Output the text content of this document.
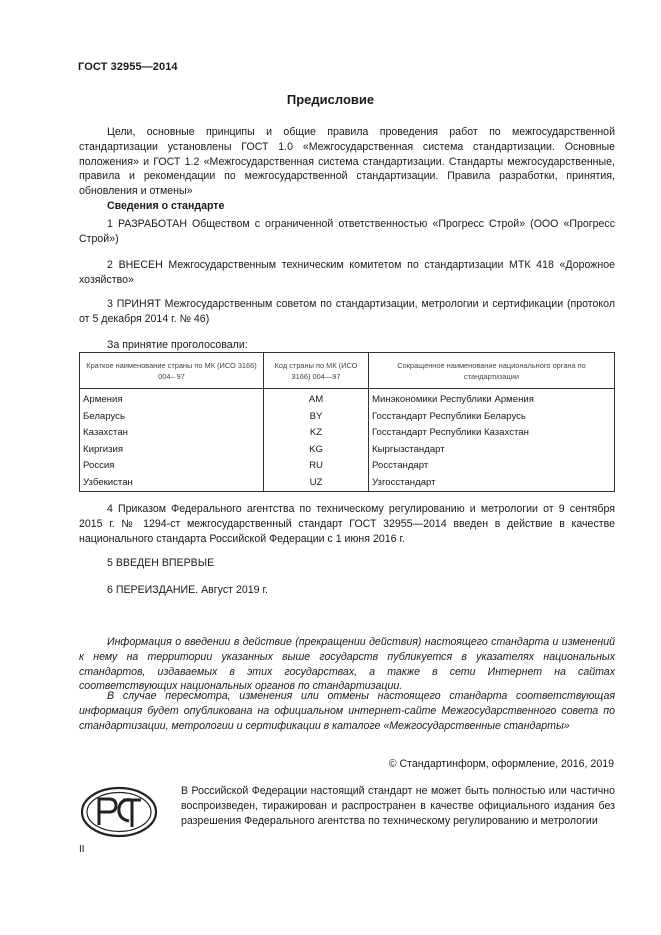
ГОСТ 32955—2014
Предисловие

Цели, основные принципы и общие правила проведения работ по межгосударственной стандартизации установлены ГОСТ 1.0 «Межгосударственная система стандартизации. Основные положения» и ГОСТ 1.2 «Межгосударственная система стандартизации. Стандарты межгосударственные, правила и рекомендации по межгосударственной стандартизации. Правила разработки, принятия, обновления и отмены»

Сведения о стандарте

1 РАЗРАБОТАН Обществом с ограниченной ответственностью «Прогресс Строй» (ООО «Прогресс Строй»)

2 ВНЕСЕН Межгосударственным техническим комитетом по стандартизации МТК 418 «Дорожное хозяйство»

3 ПРИНЯТ Межгосударственным советом по стандартизации, метрологии и сертификации (протокол от 5 декабря 2014 г. № 46)

За принятие проголосовали:

Краткое наименование страны по МК (ИСО 3166) 004– 97	Код страны по МК (ИСО 3166) 004—97	Сокращенное наименование национального органа по стандартизации
Армения	AM	Минэкономики Республики Армения
Беларусь	BY	Госстандарт Республики Беларусь
Казахстан	KZ	Госстандарт Республики Казахстан
Киргизия	KG	Кыргызстандарт
Россия	RU	Росстандарт
Узбекистан	UZ	Узгосстандарт

4 Приказом Федерального агентства по техническому регулированию и метрологии от 9 сентября 2015 г. № 1294-ст межгосударственный стандарт ГОСТ 32955—2014 введен в действие в качестве национального стандарта Российской Федерации с 1 июня 2016 г.

5 ВВЕДЕН ВПЕРВЫЕ

6 ПЕРЕИЗДАНИЕ. Август 2019 г.

Информация о введении в действие (прекращении действия) настоящего стандарта и изменений к нему на территории указанных выше государств публикуется в указателях национальных стандартов, издаваемых в этих государствах, а также в сети Интернет на сайтах соответствующих национальных органов по стандартизации.

В случае пересмотра, изменения или отмены настоящего стандарта соответствующая информация будет опубликована на официальном интернет-сайте Межгосударственного совета по стандартизации, метрологии и сертификации в каталоге «Межгосударственные стандарты»

© Стандартинформ, оформление, 2016, 2019
В Российской Федерации настоящий стандарт не может быть полностью или частично воспроизведен, тиражирован и распространен в качестве официального издания без разрешения Федерального агентства по техническому регулированию и метрологии
II
